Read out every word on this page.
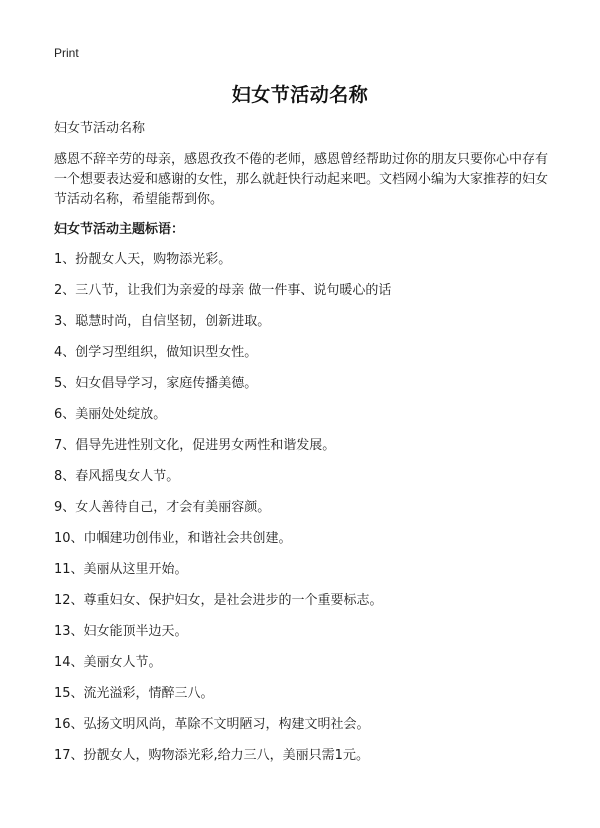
Print
妇女节活动名称

妇女节活动名称

感恩不辞辛劳的母亲，感恩孜孜不倦的老师，感恩曾经帮助过你的朋友只要你心中存有一个想要表达爱和感谢的女性，那么就赶快行动起来吧。文档网小编为大家推荐的妇女节活动名称，希望能帮到你。

妇女节活动主题标语：

1、扮靓女人天，购物添光彩。
2、三八节，让我们为亲爱的母亲 做一件事、说句暖心的话
3、聪慧时尚，自信坚韧，创新进取。
4、创学习型组织，做知识型女性。
5、妇女倡导学习，家庭传播美德。
6、美丽处处绽放。
7、倡导先进性别文化，促进男女两性和谐发展。
8、春风摇曳女人节。
9、女人善待自己，才会有美丽容颜。
10、巾帼建功创伟业，和谐社会共创建。
11、美丽从这里开始。
12、尊重妇女、保护妇女，是社会进步的一个重要标志。
13、妇女能顶半边天。
14、美丽女人节。
15、流光溢彩，情醉三八。
16、弘扬文明风尚，革除不文明陋习，构建文明社会。
17、扮靓女人，购物添光彩,给力三八，美丽只需1元。
